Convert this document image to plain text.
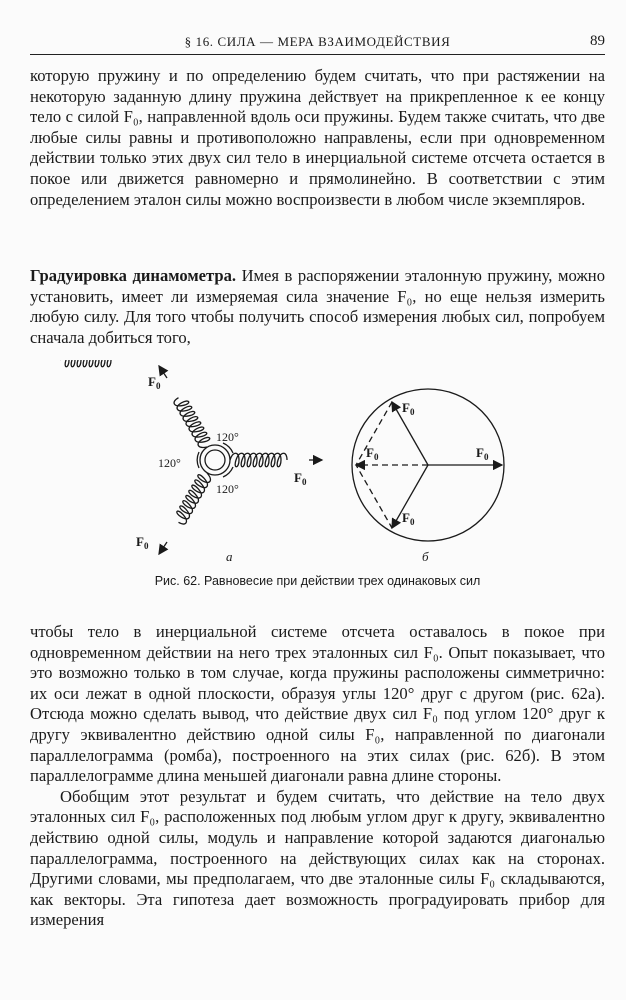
§ 16. СИЛА — МЕРА ВЗАИМОДЕЙСТВИЯ	89

которую пружину и по определению будем считать, что при растяжении на некоторую заданную длину пружина действует на прикрепленное к ее концу тело с силой F₀, направленной вдоль оси пружины. Будем также считать, что две любые силы равны и противоположно направлены, если при одновременном действии только этих двух сил тело в инерциальной системе отсчета остается в покое или движется равномерно и прямолинейно. В соответствии с этим определением эталон силы можно воспроизвести в любом числе экземпляров.

Градуировка динамометра. Имея в распоряжении эталонную пружину, можно установить, имеет ли измеряемая сила значение F₀, но еще нельзя измерить любую силу. Для того чтобы получить способ измерения любых сил, попробуем сначала добиться того,

$F_0$
$F_0$
$F_0$
120°
120°
120°
а
$F_0$
$F_0$	$F_0$
$F_0$
б
Рис. 62. Равновесие при действии трех одинаковых сил

чтобы тело в инерциальной системе отсчета оставалось в покое при одновременном действии на него трех эталонных сил F₀. Опыт показывает, что это возможно только в том случае, когда пружины расположены симметрично: их оси лежат в одной плоскости, образуя углы 120° друг с другом (рис. 62а). Отсюда можно сделать вывод, что действие двух сил F₀ под углом 120° друг к другу эквивалентно действию одной силы F₀, направленной по диагонали параллелограмма (ромба), построенного на этих силах (рис. 62б). В этом параллелограмме длина меньшей диагонали равна длине стороны.

Обобщим этот результат и будем считать, что действие на тело двух эталонных сил F₀, расположенных под любым углом друг к другу, эквивалентно действию одной силы, модуль и направление которой задаются диагональю параллелограмма, построенного на действующих силах как на сторонах. Другими словами, мы предполагаем, что две эталонные силы F₀ складываются, как векторы. Эта гипотеза дает возможность проградуировать прибор для измерения
